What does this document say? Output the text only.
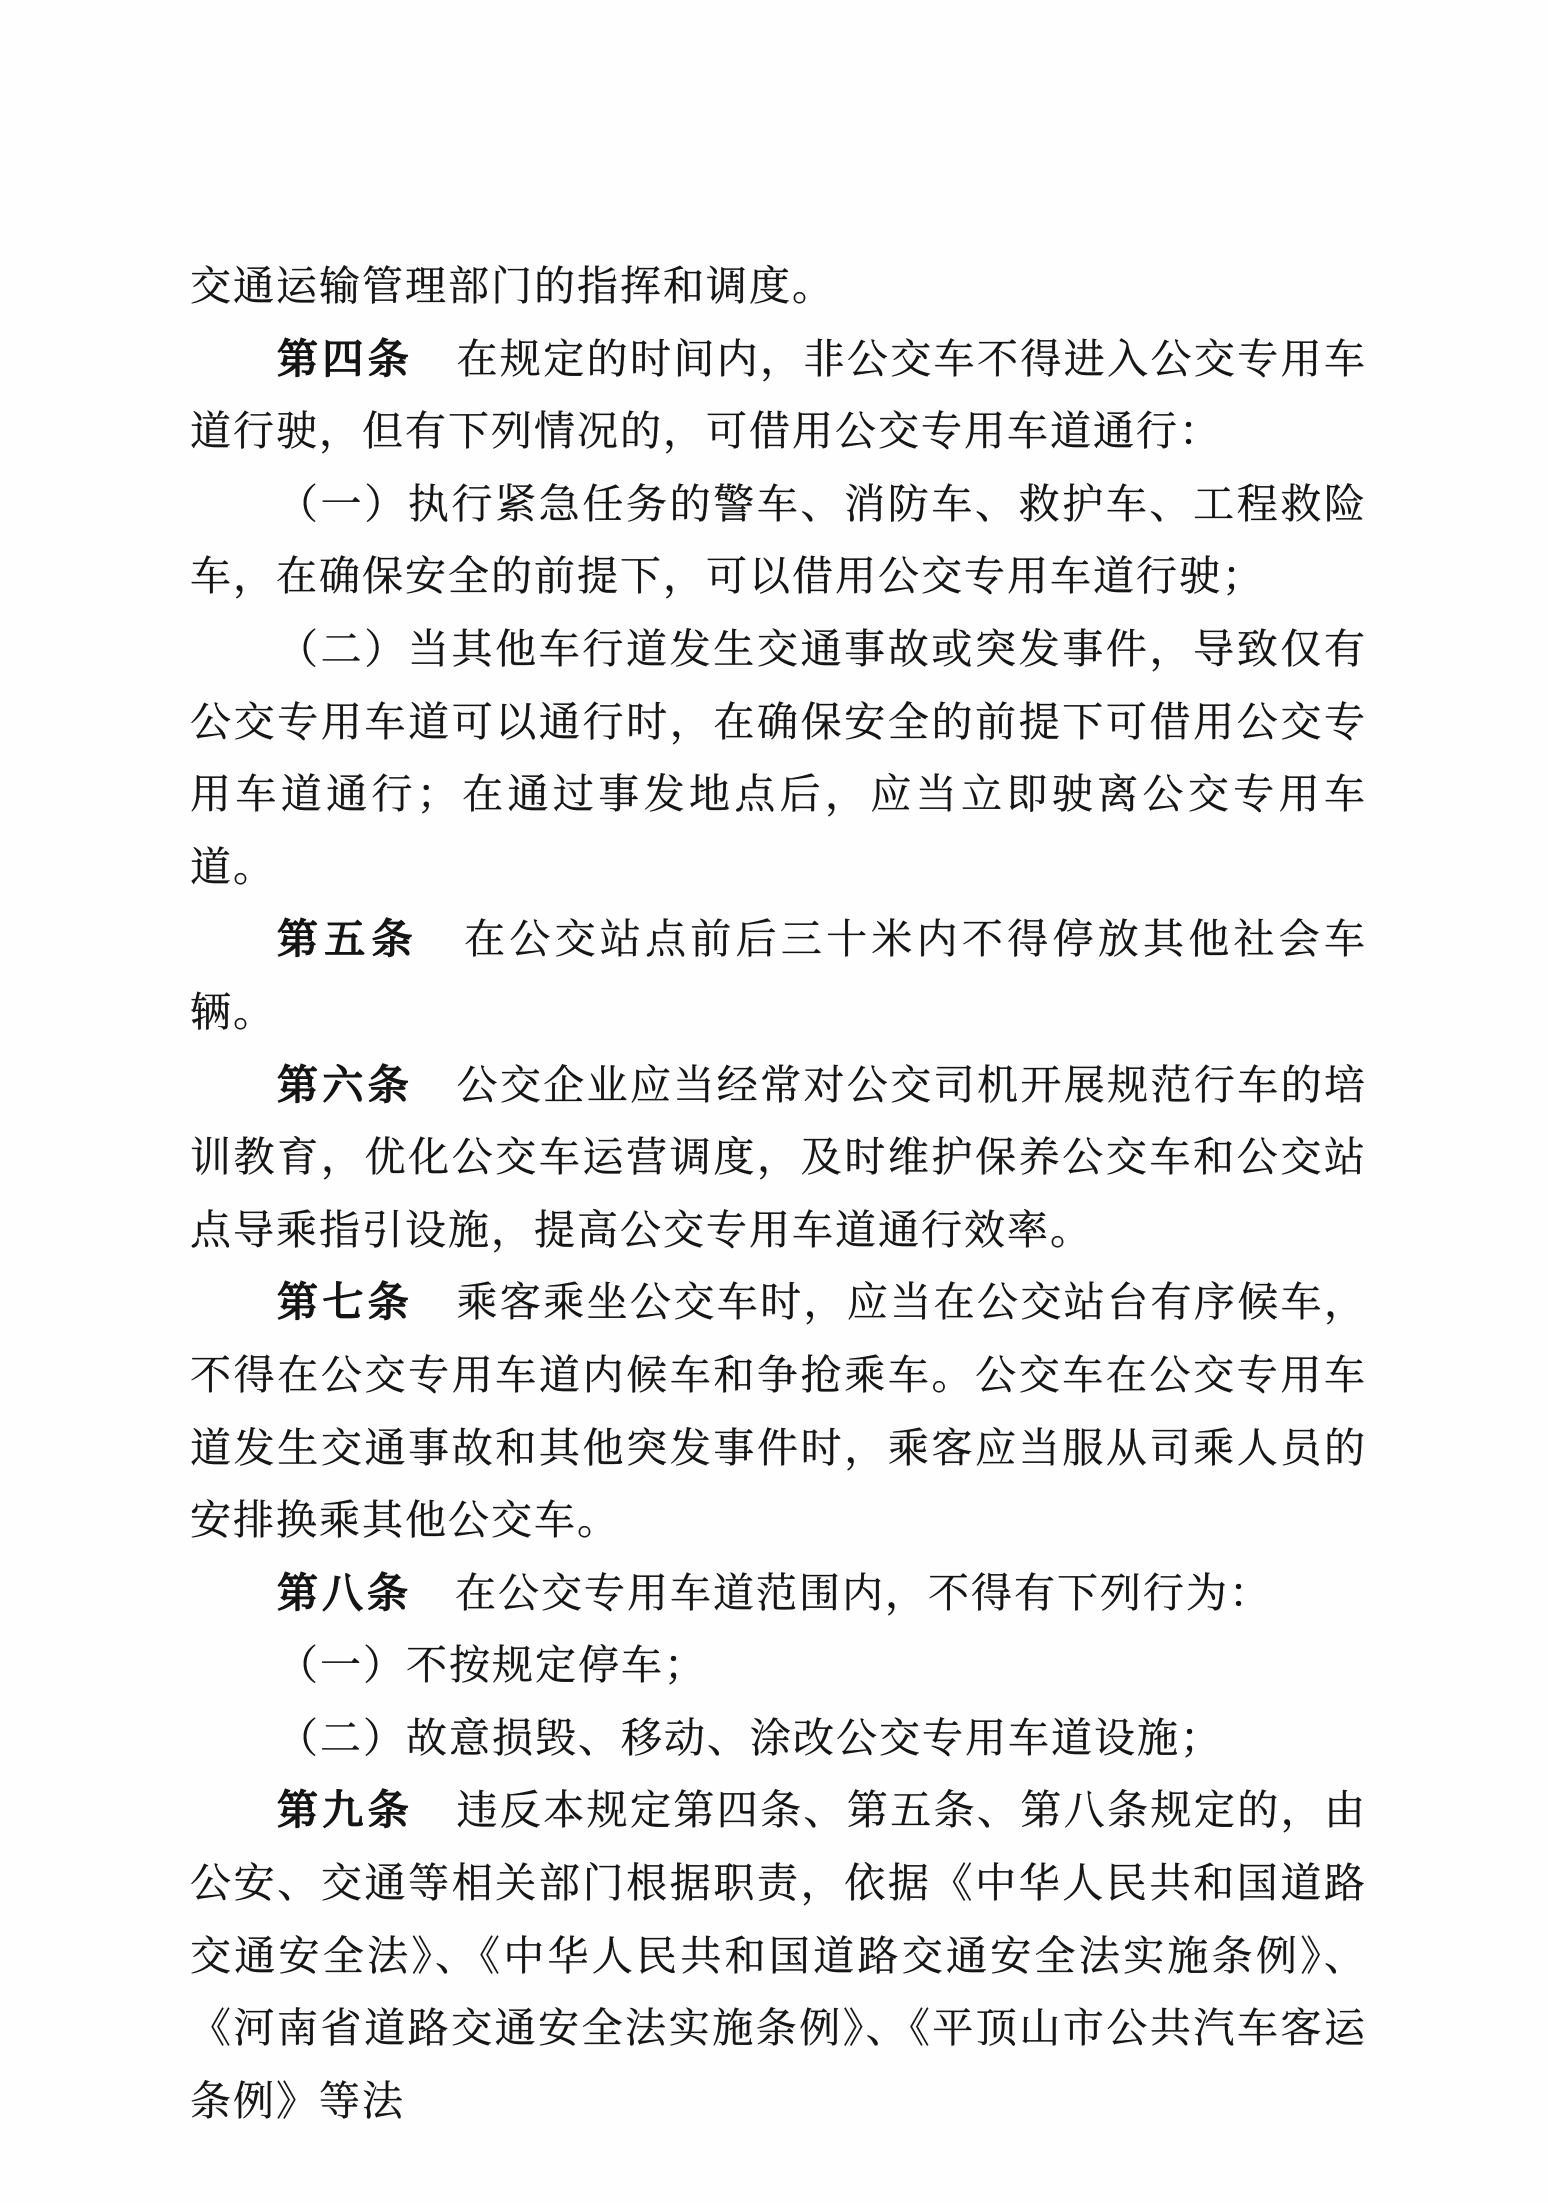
交通运输管理部门的指挥和调度。

第四条　 在规定的时间内，非公交车不得进入公交专用车道行驶，但有下列情况的，可借用公交专用车道通行：

（一）执行紧急任务的警车、消防车、救护车、工程救险车，在确保安全的前提下，可以借用公交专用车道行驶；

（二）当其他车行道发生交通事故或突发事件，导致仅有公交专用车道可以通行时，在确保安全的前提下可借用公交专用车道通行；在通过事发地点后，应当立即驶离公交专用车道。

第五条　 在公交站点前后三十米内不得停放其他社会车辆。

第六条　 公交企业应当经常对公交司机开展规范行车的培训教育，优化公交车运营调度，及时维护保养公交车和公交站点导乘指引设施，提高公交专用车道通行效率。

第七条　 乘客乘坐公交车时，应当在公交站台有序候车，不得在公交专用车道内候车和争抢乘车。公交车在公交专用车道发生交通事故和其他突发事件时，乘客应当服从司乘人员的安排换乘其他公交车。

第八条　 在公交专用车道范围内，不得有下列行为：

（一）不按规定停车；

（二）故意损毁、移动、涂改公交专用车道设施；

第九条　 违反本规定第四条、第五条、第八条规定的，由公安、交通等相关部门根据职责，依据《中华人民共和国道路交通安全法》、《中华人民共和国道路交通安全法实施条例》、《河南省道路交通安全法实施条例》、《平顶山市公共汽车客运条例》等法
